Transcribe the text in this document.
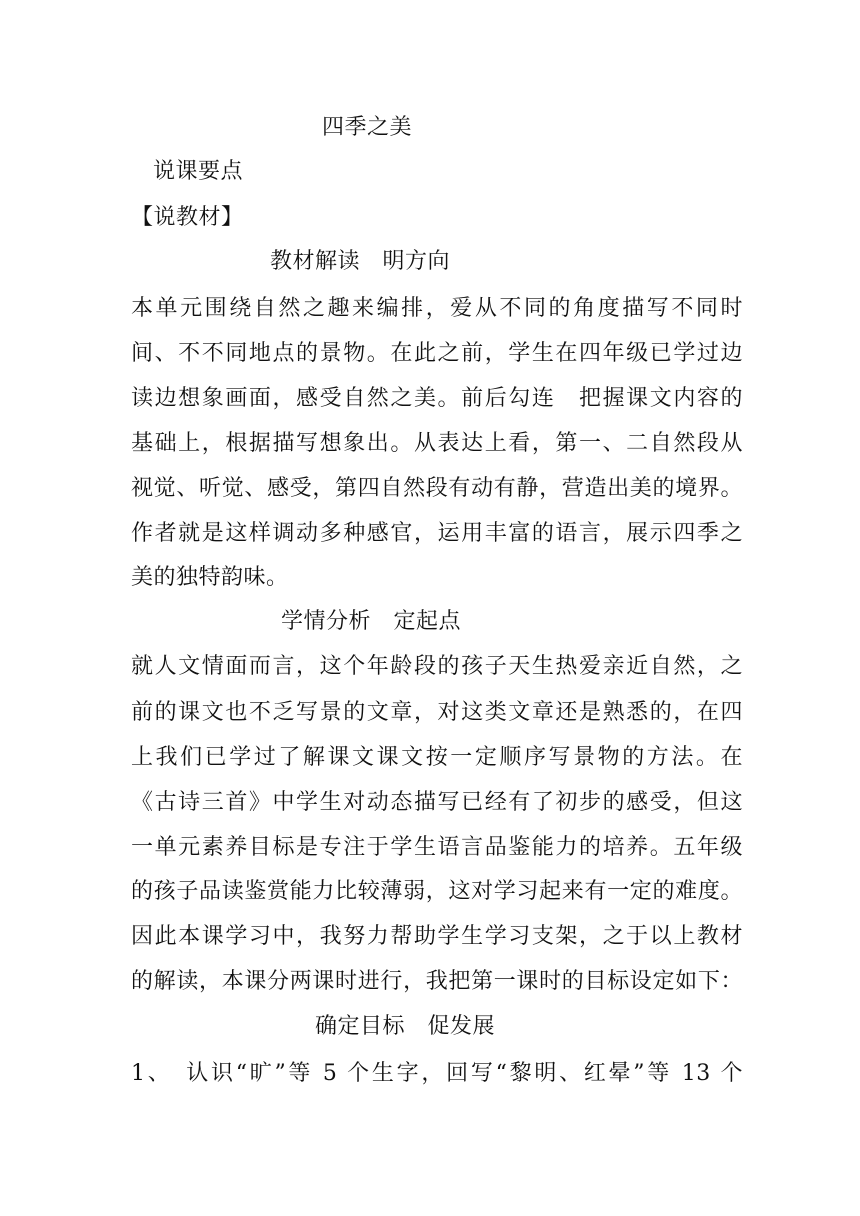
四季之美
说课要点
【说教材】
教材解读　明方向
本单元围绕自然之趣来编排，爱从不同的角度描写不同时
间、不不同地点的景物。在此之前，学生在四年级已学过边
读边想象画面，感受自然之美。前后勾连　把握课文内容的
基础上，根据描写想象出。从表达上看，第一、二自然段从
视觉、听觉、感受，第四自然段有动有静，营造出美的境界。
作者就是这样调动多种感官，运用丰富的语言，展示四季之
美的独特韵味。
学情分析　定起点
就人文情面而言，这个年龄段的孩子天生热爱亲近自然，之
前的课文也不乏写景的文章，对这类文章还是熟悉的，在四
上我们已学过了解课文课文按一定顺序写景物的方法。在
《古诗三首》中学生对动态描写已经有了初步的感受，但这
一单元素养目标是专注于学生语言品鉴能力的培养。五年级
的孩子品读鉴赏能力比较薄弱，这对学习起来有一定的难度。
因此本课学习中，我努力帮助学生学习支架，之于以上教材
的解读，本课分两课时进行，我把第一课时的目标设定如下：
确定目标　促发展
1、　认识“旷”等 5 个生字，回写“黎明、红晕”等 13 个
